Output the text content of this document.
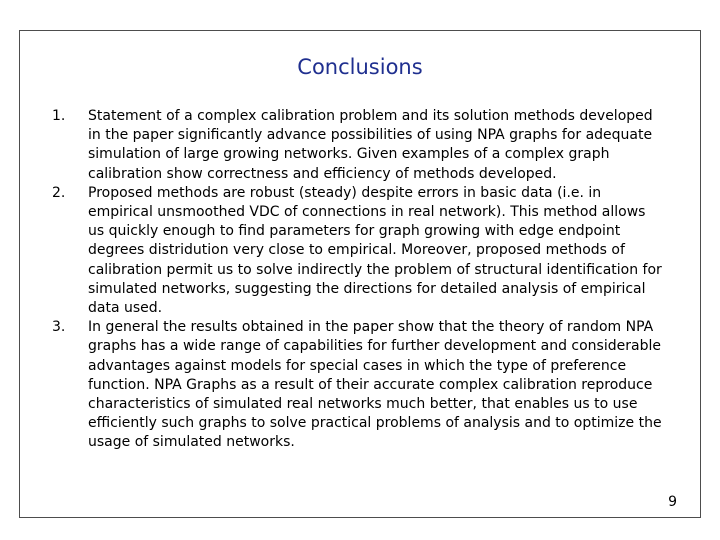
Conclusions
1. Statement of a complex calibration problem and its solution methods developed in the paper significantly advance possibilities of using NPA graphs for adequate simulation of large growing networks. Given examples of a complex graph calibration show correctness and efficiency of methods developed.
2. Proposed methods are robust (steady) despite errors in basic data (i.e. in empirical unsmoothed VDC of connections in real network). This method allows us quickly enough to find parameters for graph growing with edge endpoint degrees distridution very close to empirical. Moreover, proposed methods of calibration permit us to solve indirectly the problem of structural identification for simulated networks, suggesting the directions for detailed analysis of empirical data used.
3. In general the results obtained in the paper show that the theory of random NPA graphs has a wide range of capabilities for further development and considerable advantages against models for special cases in which the type of preference function. NPA Graphs as a result of their accurate complex calibration reproduce characteristics of simulated real networks much better, that enables us to use efficiently such graphs to solve practical problems of analysis and to optimize the usage of simulated networks.
9
